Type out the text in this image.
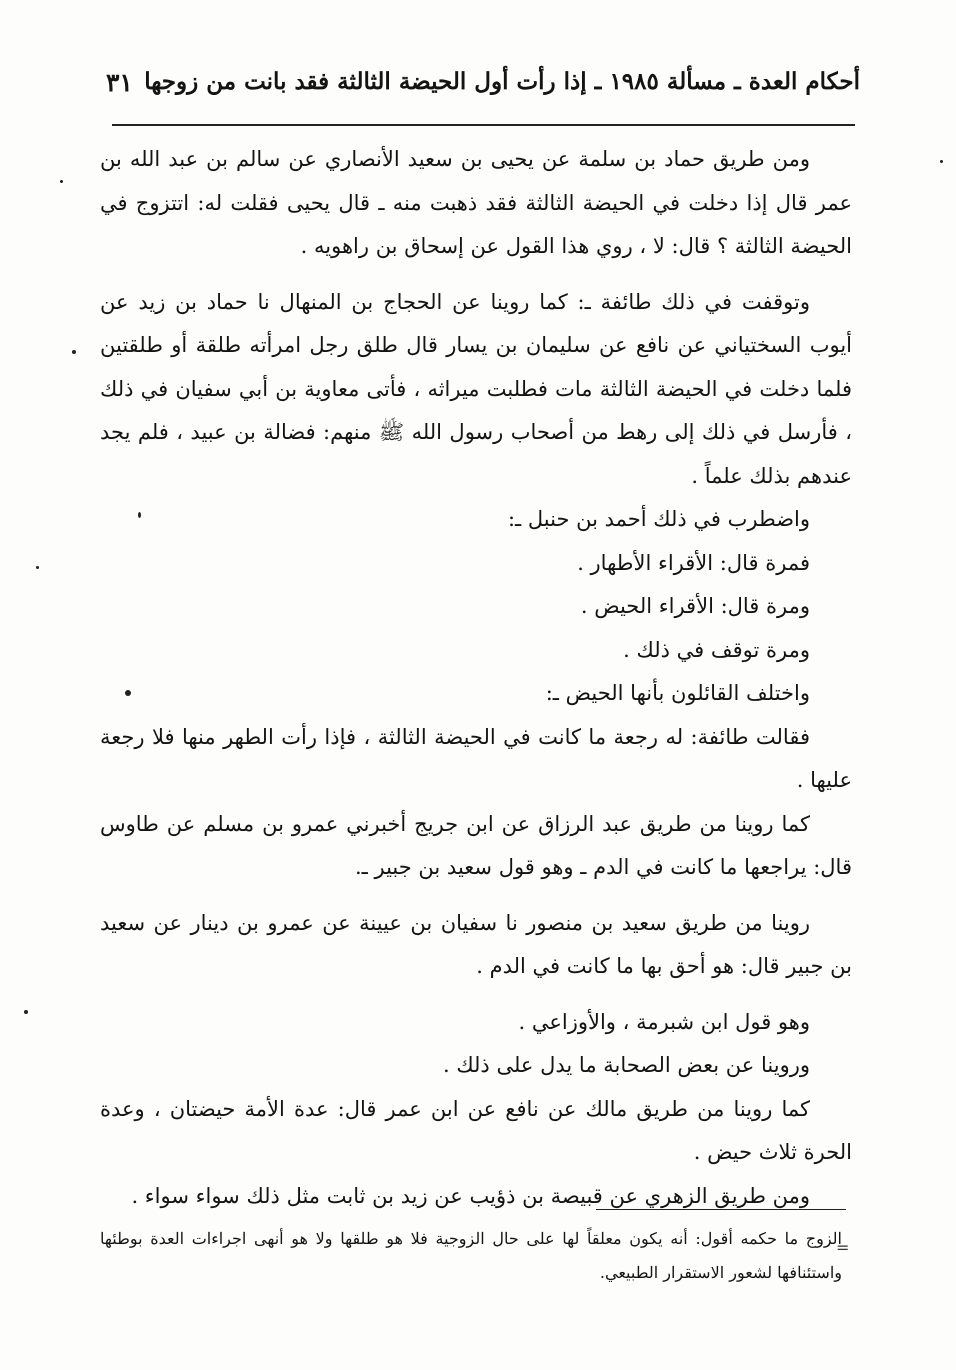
أحكام العدة ـ مسألة ١٩٨٥ ـ إذا رأت أول الحيضة الثالثة فقد بانت من زوجها
٣١

ومن طريق حماد بن سلمة عن يحيى بن سعيد الأنصاري عن سالم بن عبد الله بن عمر قال إذا دخلت في الحيضة الثالثة فقد ذهبت منه ـ قال يحيى فقلت له: اتتزوج في الحيضة الثالثة ؟ قال: لا ، روي هذا القول عن إسحاق بن راهويه .

وتوقفت في ذلك طائفة ـ: كما روينا عن الحجاج بن المنهال نا حماد بن زيد عن أيوب السختياني عن نافع عن سليمان بن يسار قال طلق رجل امرأته طلقة أو طلقتين فلما دخلت في الحيضة الثالثة مات فطلبت ميراثه ، فأتى معاوية بن أبي سفيان في ذلك ، فأرسل في ذلك إلى رهط من أصحاب رسول الله ﷺ منهم: فضالة بن عبيد ، فلم يجد عندهم بذلك علماً .

واضطرب في ذلك أحمد بن حنبل ـ:

فمرة قال: الأقراء الأطهار .

ومرة قال: الأقراء الحيض .

ومرة توقف في ذلك .

واختلف القائلون بأنها الحيض ـ:

فقالت طائفة: له رجعة ما كانت في الحيضة الثالثة ، فإذا رأت الطهر منها فلا رجعة عليها .

كما روينا من طريق عبد الرزاق عن ابن جريج أخبرني عمرو بن مسلم عن طاوس قال: يراجعها ما كانت في الدم ـ وهو قول سعيد بن جبير ـ.

روينا من طريق سعيد بن منصور نا سفيان بن عيينة عن عمرو بن دينار عن سعيد بن جبير قال: هو أحق بها ما كانت في الدم .

وهو قول ابن شبرمة ، والأوزاعي .

وروينا عن بعض الصحابة ما يدل على ذلك .

كما روينا من طريق مالك عن نافع عن ابن عمر قال: عدة الأمة حيضتان ، وعدة الحرة ثلاث حيض .

ومن طريق الزهري عن قبيصة بن ذؤيب عن زيد بن ثابت مثل ذلك سواء سواء .

=
الزوج ما حكمه أقول: أنه يكون معلقاً لها على حال الزوجية فلا هو طلقها ولا هو أنهى اجراءات العدة بوطئها واستئنافها لشعور الاستقرار الطبيعي.
